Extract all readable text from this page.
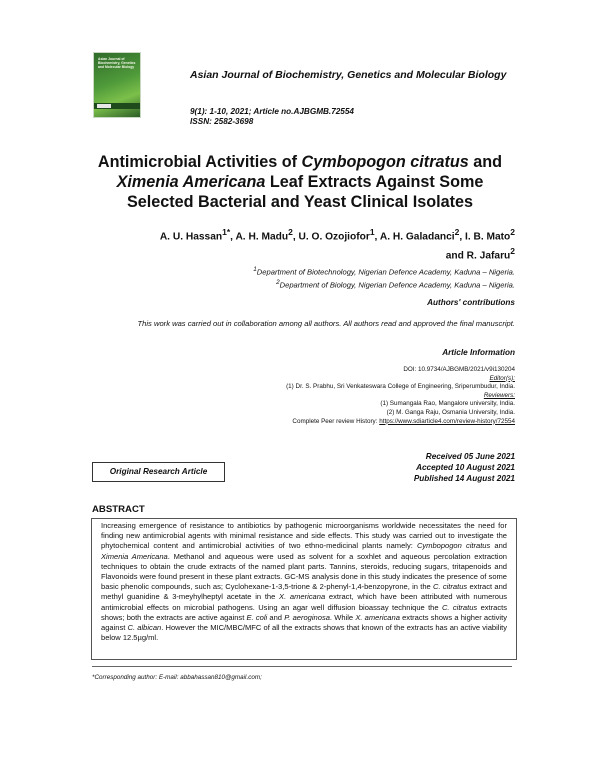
Asian Journal of Biochemistry, Genetics and Molecular Biology
Asian Journal of Biochemistry, Genetics and Molecular Biology
9(1): 1-10, 2021; Article no.AJBGMB.72554
ISSN: 2582-3698
Antimicrobial Activities of Cymbopogon citratus and
Ximenia Americana Leaf Extracts Against Some
Selected Bacterial and Yeast Clinical Isolates
A. U. Hassan$^{1*}$, A. H. Madu$^2$, U. O. Ozojiofor$^1$, A. H. Galadanci$^2$, I. B. Mato$^2$
and R. Jafaru$^2$
$^1$Department of Biotechnology, Nigerian Defence Academy, Kaduna – Nigeria.
$^2$Department of Biology, Nigerian Defence Academy, Kaduna – Nigeria.
Authors' contributions
This work was carried out in collaboration among all authors. All authors read and approved the final manuscript.
Article Information
DOI: 10.9734/AJBGMB/2021/v9i130204
Editor(s):
(1) Dr. S. Prabhu, Sri Venkateswara College of Engineering, Sriperumbudur, India.
Reviewers:
(1) Sumangala Rao, Mangalore university, India.
(2) M. Ganga Raju, Osmania University, India.
Complete Peer review History: https://www.sdiarticle4.com/review-history/72554
Original Research Article
Received 05 June 2021
Accepted 10 August 2021
Published 14 August 2021
ABSTRACT
Increasing emergence of resistance to antibiotics by pathogenic microorganisms worldwide necessitates the need for finding new antimicrobial agents with minimal resistance and side effects. This study was carried out to investigate the phytochemical content and antimicrobial activities of two ethno-medicinal plants namely: Cymbopogon citratus and Ximenia Americana. Methanol and aqueous were used as solvent for a soxhlet and aqueous percolation extraction techniques to obtain the crude extracts of the named plant parts. Tannins, steroids, reducing sugars, tritapenoids and Flavonoids were found present in these plant extracts. GC-MS analysis done in this study indicates the presence of some basic phenolic compounds, such as; Cyclohexane-1-3,5-trione & 2-phenyl-1,4-benzopyrone, in the C. citratus extract and methyl guanidine & 3-meyhylheptyl acetate in the X. americana extract, which have been attributed with numerous antimicrobial effects on microbial pathogens. Using an agar well diffusion bioassay technique the C. citratus extracts shows; both the extracts are active against E. coli and P. aeroginosa. While X. americana extracts shows a higher activity against C. albican. However the MIC/MBC/MFC of all the extracts shows that known of the extracts has an active viability below 12.5µg/ml.
*Corresponding author: E-mail: abbahassan810@gmail.com;
